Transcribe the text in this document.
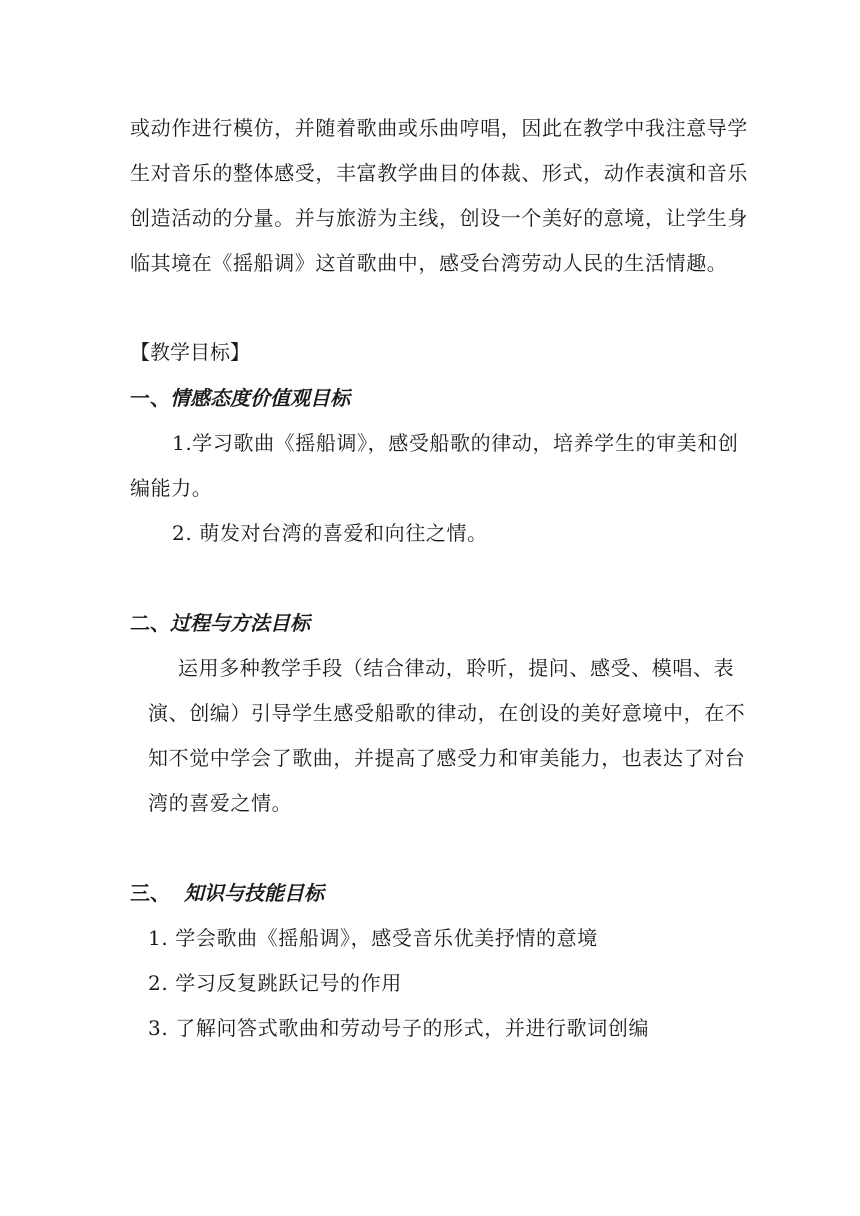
或动作进行模仿，并随着歌曲或乐曲哼唱，因此在教学中我注意导学
生对音乐的整体感受，丰富教学曲目的体裁、形式，动作表演和音乐
创造活动的分量。并与旅游为主线，创设一个美好的意境，让学生身
临其境在《摇船调》这首歌曲中，感受台湾劳动人民的生活情趣。
【教学目标】
一、情感态度价值观目标
1.学习歌曲《摇船调》，感受船歌的律动，培养学生的审美和创
编能力。
2. 萌发对台湾的喜爱和向往之情。
二、过程与方法目标
运用多种教学手段（结合律动，聆听，提问、感受、模唱、表
演、创编）引导学生感受船歌的律动，在创设的美好意境中，在不
知不觉中学会了歌曲，并提高了感受力和审美能力，也表达了对台
湾的喜爱之情。
三、 知识与技能目标
1. 学会歌曲《摇船调》，感受音乐优美抒情的意境
2. 学习反复跳跃记号的作用
3. 了解问答式歌曲和劳动号子的形式，并进行歌词创编
